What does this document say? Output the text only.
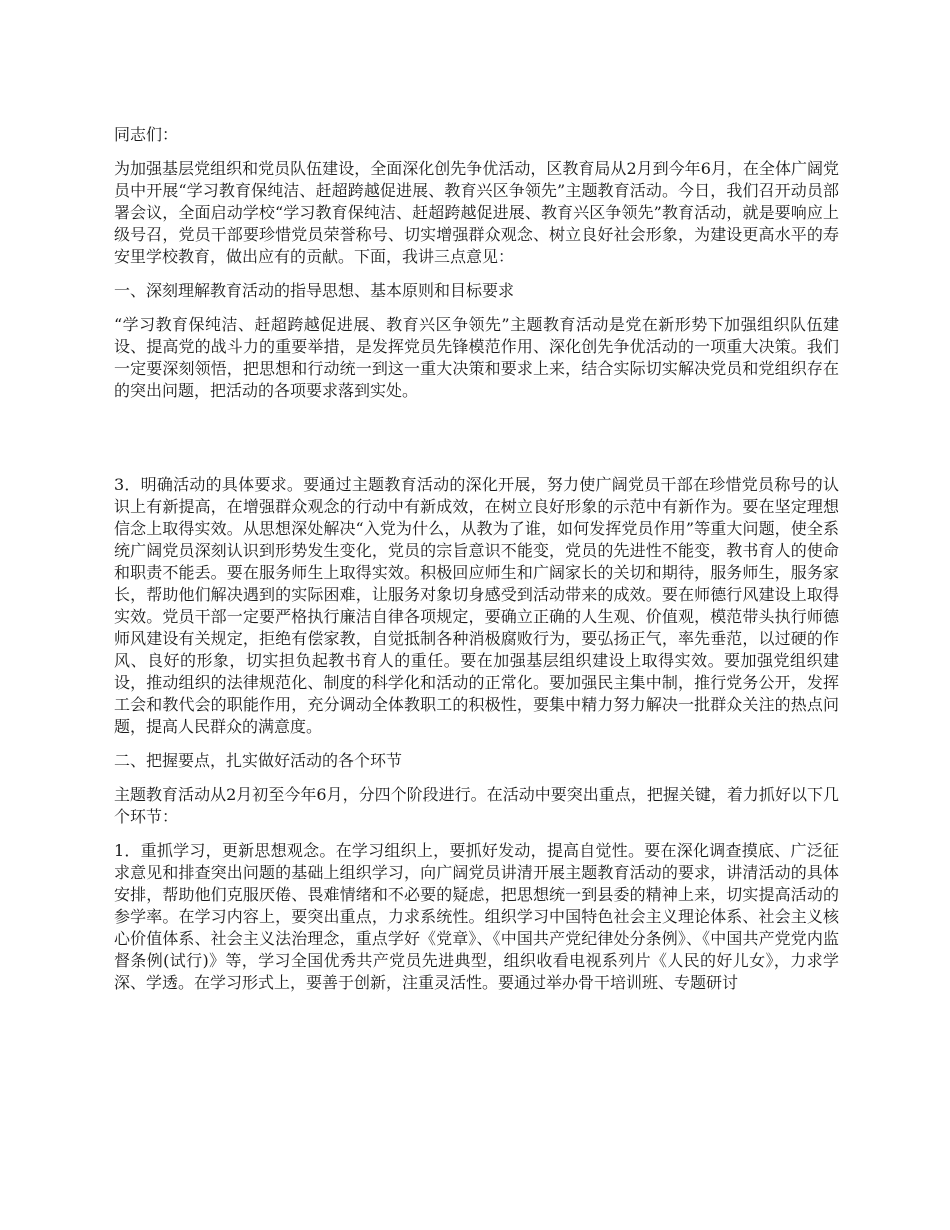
同志们：

为加强基层党组织和党员队伍建设，全面深化创先争优活动，区教育局从2月到今年6月，在全体广阔党员中开展“学习教育保纯洁、赶超跨越促进展、教育兴区争领先”主题教育活动。今日，我们召开动员部署会议，全面启动学校“学习教育保纯洁、赶超跨越促进展、教育兴区争领先”教育活动，就是要响应上级号召，党员干部要珍惜党员荣誉称号、切实增强群众观念、树立良好社会形象，为建设更高水平的寿安里学校教育，做出应有的贡献。下面，我讲三点意见：

一、深刻理解教育活动的指导思想、基本原则和目标要求

“学习教育保纯洁、赶超跨越促进展、教育兴区争领先”主题教育活动是党在新形势下加强组织队伍建设、提高党的战斗力的重要举措，是发挥党员先锋模范作用、深化创先争优活动的一项重大决策。我们一定要深刻领悟，把思想和行动统一到这一重大决策和要求上来，结合实际切实解决党员和党组织存在的突出问题，把活动的各项要求落到实处。

3．明确活动的具体要求。要通过主题教育活动的深化开展，努力使广阔党员干部在珍惜党员称号的认识上有新提高，在增强群众观念的行动中有新成效，在树立良好形象的示范中有新作为。要在坚定理想信念上取得实效。从思想深处解决“入党为什么，从教为了谁，如何发挥党员作用”等重大问题，使全系统广阔党员深刻认识到形势发生变化，党员的宗旨意识不能变，党员的先进性不能变，教书育人的使命和职责不能丢。要在服务师生上取得实效。积极回应师生和广阔家长的关切和期待，服务师生，服务家长，帮助他们解决遇到的实际困难，让服务对象切身感受到活动带来的成效。要在师德行风建设上取得实效。党员干部一定要严格执行廉洁自律各项规定，要确立正确的人生观、价值观，模范带头执行师德师风建设有关规定，拒绝有偿家教，自觉抵制各种消极腐败行为，要弘扬正气，率先垂范，以过硬的作风、良好的形象，切实担负起教书育人的重任。要在加强基层组织建设上取得实效。要加强党组织建设，推动组织的法律规范化、制度的科学化和活动的正常化。要加强民主集中制，推行党务公开，发挥工会和教代会的职能作用，充分调动全体教职工的积极性，要集中精力努力解决一批群众关注的热点问题，提高人民群众的满意度。

二、把握要点，扎实做好活动的各个环节

主题教育活动从2月初至今年6月，分四个阶段进行。在活动中要突出重点，把握关键，着力抓好以下几个环节：

1．重抓学习，更新思想观念。在学习组织上，要抓好发动，提高自觉性。要在深化调查摸底、广泛征求意见和排查突出问题的基础上组织学习，向广阔党员讲清开展主题教育活动的要求，讲清活动的具体安排，帮助他们克服厌倦、畏难情绪和不必要的疑虑，把思想统一到县委的精神上来，切实提高活动的参学率。在学习内容上，要突出重点，力求系统性。组织学习中国特色社会主义理论体系、社会主义核心价值体系、社会主义法治理念，重点学好《党章》、《中国共产党纪律处分条例》、《中国共产党党内监督条例(试行)》等，学习全国优秀共产党员先进典型，组织收看电视系列片《人民的好儿女》，力求学深、学透。在学习形式上，要善于创新，注重灵活性。要通过举办骨干培训班、专题研讨
